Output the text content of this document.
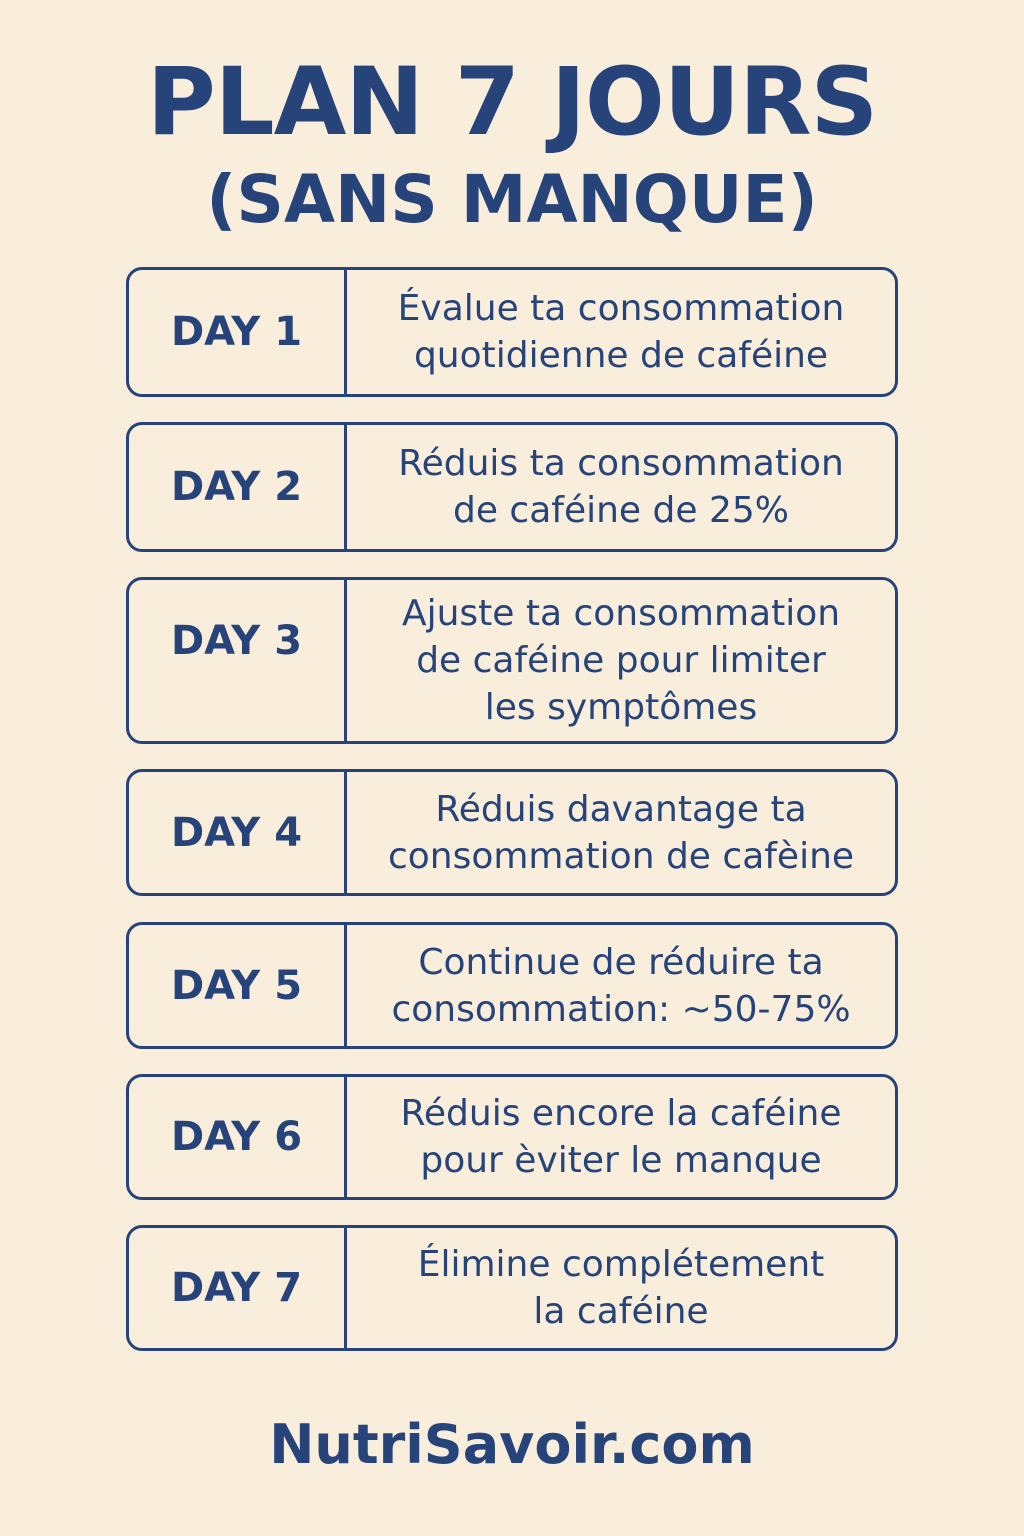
PLAN 7 JOURS
(SANS MANQUE)
DAY 1
Évalue ta consommation
quotidienne de caféine
DAY 2
Réduis ta consommation
de caféine de 25%
DAY 3
Ajuste ta consommation
de caféine pour limiter
les symptômes
DAY 4
Réduis davantage ta
consommation de cafèine
DAY 5
Continue de réduire ta
consommation: ~50-75%
DAY 6
Réduis encore la caféine
pour èviter le manque
DAY 7
Élimine complétement
la caféine
NutriSavoir.com
